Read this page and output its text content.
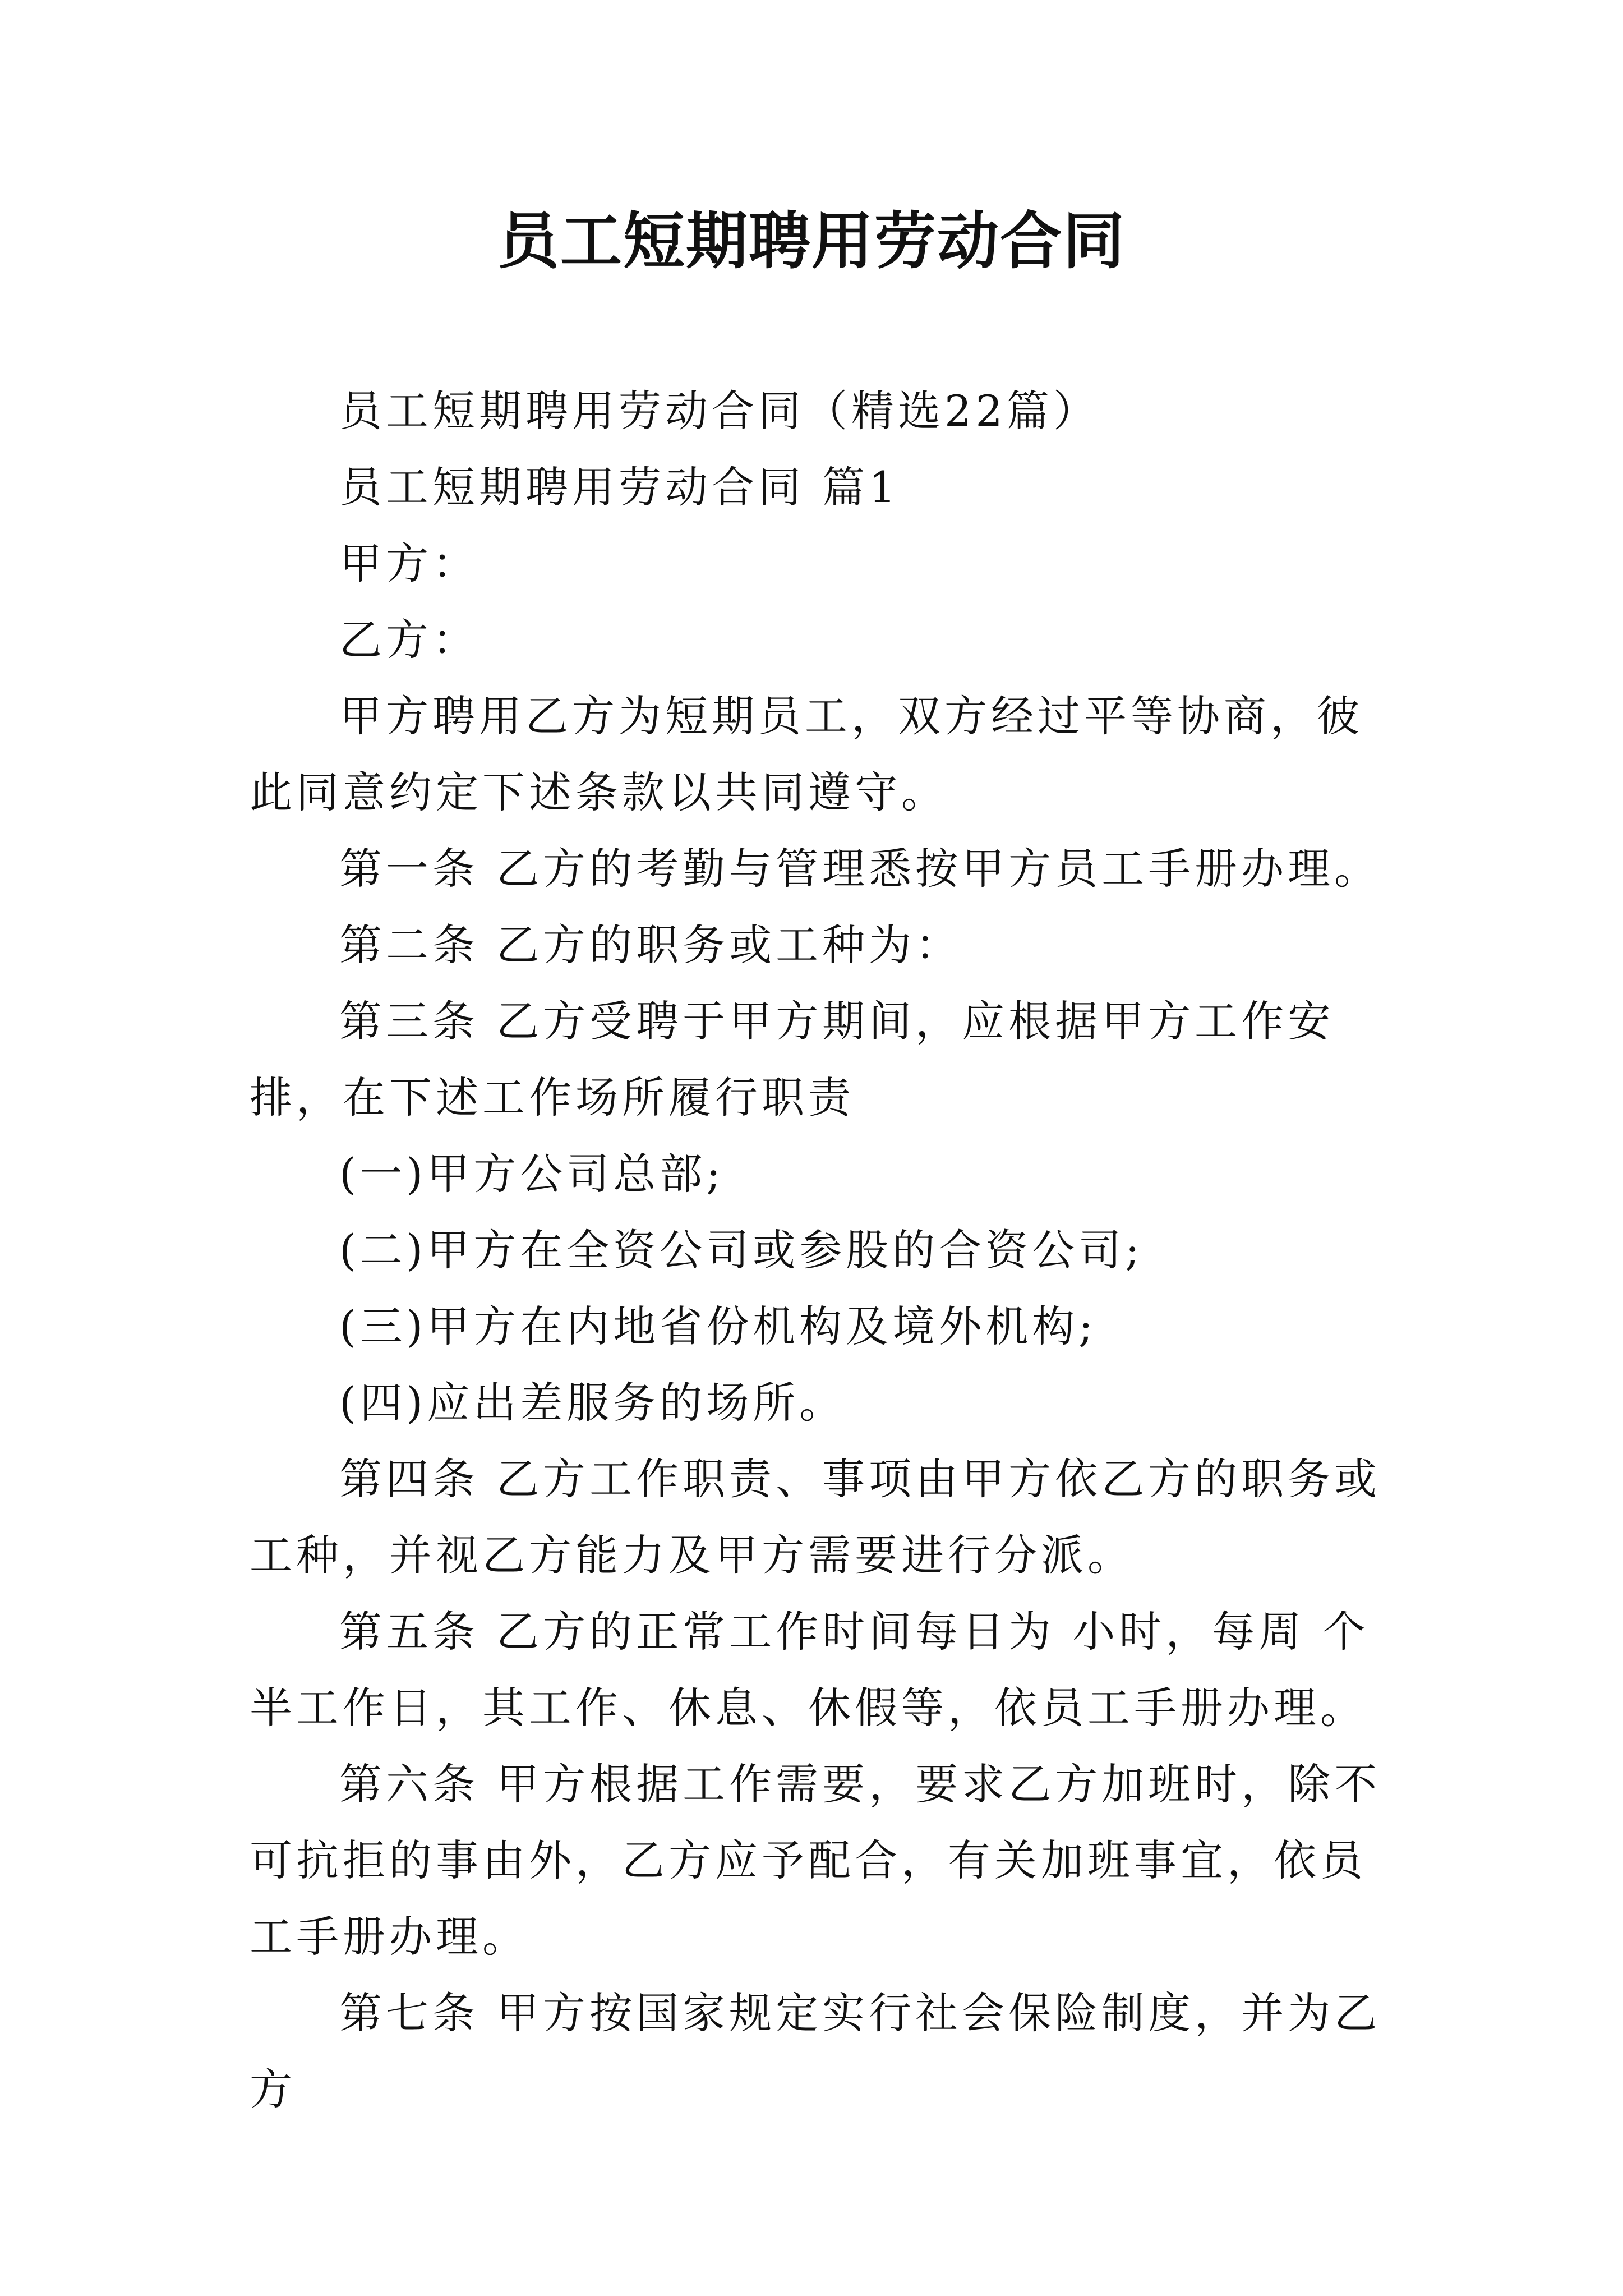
员工短期聘用劳动合同

员工短期聘用劳动合同（精选22篇）

员工短期聘用劳动合同 篇1

甲方：

乙方：

甲方聘用乙方为短期员工，双方经过平等协商，彼此同意约定下述条款以共同遵守。

第一条 乙方的考勤与管理悉按甲方员工手册办理。

第二条 乙方的职务或工种为：

第三条 乙方受聘于甲方期间，应根据甲方工作安排，在下述工作场所履行职责

(一)甲方公司总部;

(二)甲方在全资公司或参股的合资公司;

(三)甲方在内地省份机构及境外机构;

(四)应出差服务的场所。

第四条 乙方工作职责、事项由甲方依乙方的职务或工种，并视乙方能力及甲方需要进行分派。

第五条 乙方的正常工作时间每日为 小时，每周 个半工作日，其工作、休息、休假等，依员工手册办理。

第六条 甲方根据工作需要，要求乙方加班时，除不可抗拒的事由外，乙方应予配合，有关加班事宜，依员工手册办理。

第七条 甲方按国家规定实行社会保险制度，并为乙方
